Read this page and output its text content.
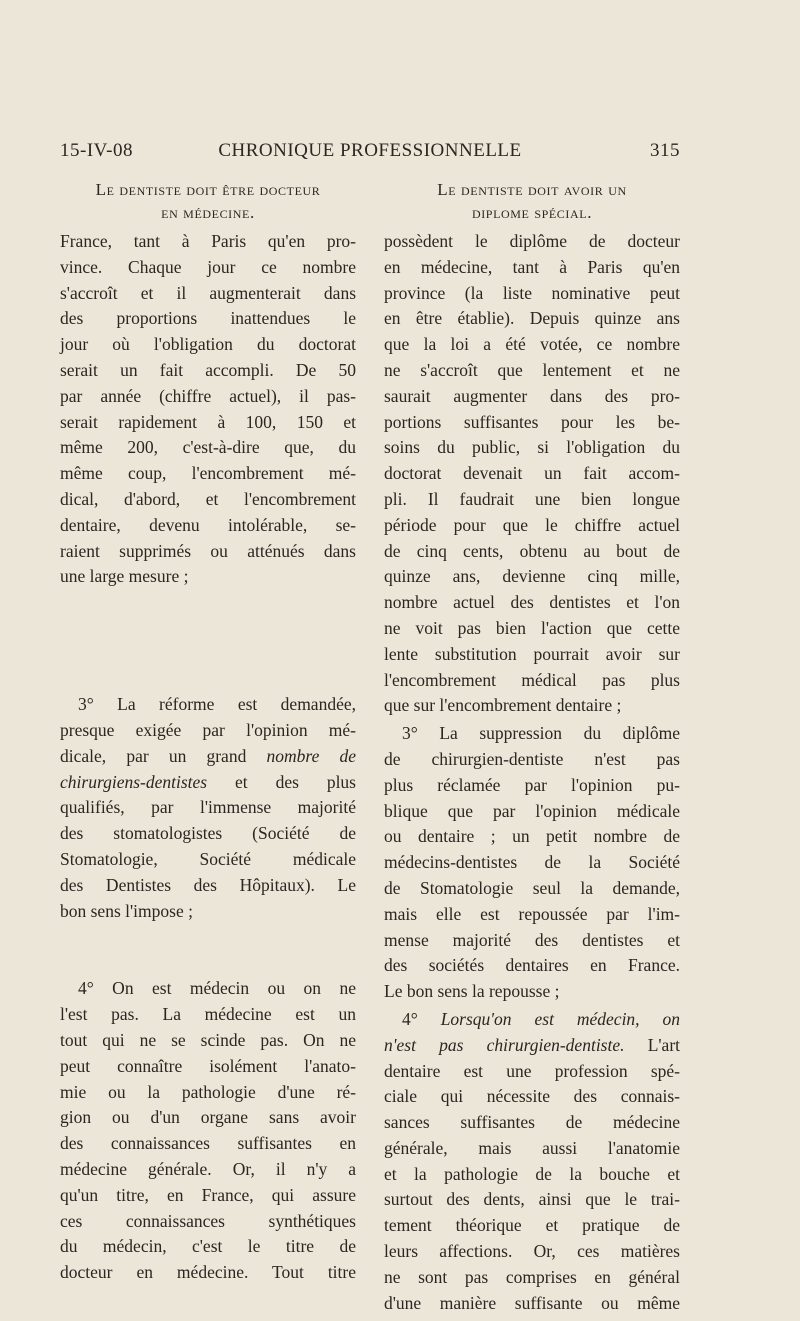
15-IV-08	CHRONIQUE PROFESSIONNELLE	315
Le dentiste doit être docteur
en médecine.
France, tant à Paris qu'en pro-
vince. Chaque jour ce nombre
s'accroît et il augmenterait dans
des proportions inattendues le
jour où l'obligation du doctorat
serait un fait accompli. De 50
par année (chiffre actuel), il pas-
serait rapidement à 100, 150 et
même 200, c'est-à-dire que, du
même coup, l'encombrement mé-
dical, d'abord, et l'encombrement
dentaire, devenu intolérable, se-
raient supprimés ou atténués dans
une large mesure ;
3° La réforme est demandée,
presque exigée par l'opinion mé-
dicale, par un grand nombre de
chirurgiens-dentistes et des plus
qualifiés, par l'immense majorité
des stomatologistes (Société de
Stomatologie, Société médicale
des Dentistes des Hôpitaux). Le
bon sens l'impose ;
4° On est médecin ou on ne
l'est pas. La médecine est un
tout qui ne se scinde pas. On ne
peut connaître isolément l'anato-
mie ou la pathologie d'une ré-
gion ou d'un organe sans avoir
des connaissances suffisantes en
médecine générale. Or, il n'y a
qu'un titre, en France, qui assure
ces connaissances synthétiques
du médecin, c'est le titre de
docteur en médecine. Tout titre
Le dentiste doit avoir un
diplome spécial.
possèdent le diplôme de docteur
en médecine, tant à Paris qu'en
province (la liste nominative peut
en être établie). Depuis quinze ans
que la loi a été votée, ce nombre
ne s'accroît que lentement et ne
saurait augmenter dans des pro-
portions suffisantes pour les be-
soins du public, si l'obligation du
doctorat devenait un fait accom-
pli. Il faudrait une bien longue
période pour que le chiffre actuel
de cinq cents, obtenu au bout de
quinze ans, devienne cinq mille,
nombre actuel des dentistes et l'on
ne voit pas bien l'action que cette
lente substitution pourrait avoir sur
l'encombrement médical pas plus
que sur l'encombrement dentaire ;
3° La suppression du diplôme
de chirurgien-dentiste n'est pas
plus réclamée par l'opinion pu-
blique que par l'opinion médicale
ou dentaire ; un petit nombre de
médecins-dentistes de la Société
de Stomatologie seul la demande,
mais elle est repoussée par l'im-
mense majorité des dentistes et
des sociétés dentaires en France.
Le bon sens la repousse ;
4° Lorsqu'on est médecin, on
n'est pas chirurgien-dentiste. L'art
dentaire est une profession spé-
ciale qui nécessite des connais-
sances suffisantes de médecine
générale, mais aussi l'anatomie
et la pathologie de la bouche et
surtout des dents, ainsi que le trai-
tement théorique et pratique de
leurs affections. Or, ces matières
ne sont pas comprises en général
d'une manière suffisante ou même
